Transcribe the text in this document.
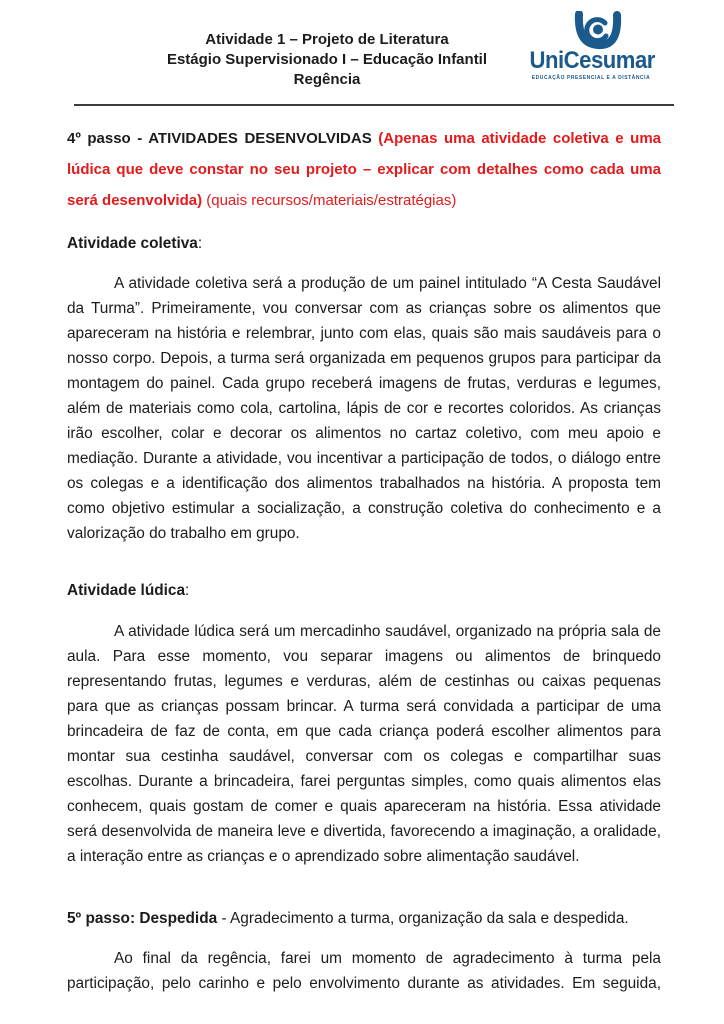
Atividade 1 – Projeto de Literatura
Estágio Supervisionado I – Educação Infantil
Regência
UniCesumar
EDUCAÇÃO PRESENCIAL E A DISTÂNCIA

4º passo - ATIVIDADES DESENVOLVIDAS (Apenas uma atividade coletiva e uma lúdica que deve constar no seu projeto – explicar com detalhes como cada uma será desenvolvida) (quais recursos/materiais/estratégias)

Atividade coletiva:

A atividade coletiva será a produção de um painel intitulado “A Cesta Saudável da Turma”. Primeiramente, vou conversar com as crianças sobre os alimentos que apareceram na história e relembrar, junto com elas, quais são mais saudáveis para o nosso corpo. Depois, a turma será organizada em pequenos grupos para participar da montagem do painel. Cada grupo receberá imagens de frutas, verduras e legumes, além de materiais como cola, cartolina, lápis de cor e recortes coloridos. As crianças irão escolher, colar e decorar os alimentos no cartaz coletivo, com meu apoio e mediação. Durante a atividade, vou incentivar a participação de todos, o diálogo entre os colegas e a identificação dos alimentos trabalhados na história. A proposta tem como objetivo estimular a socialização, a construção coletiva do conhecimento e a valorização do trabalho em grupo.

Atividade lúdica:

A atividade lúdica será um mercadinho saudável, organizado na própria sala de aula. Para esse momento, vou separar imagens ou alimentos de brinquedo representando frutas, legumes e verduras, além de cestinhas ou caixas pequenas para que as crianças possam brincar. A turma será convidada a participar de uma brincadeira de faz de conta, em que cada criança poderá escolher alimentos para montar sua cestinha saudável, conversar com os colegas e compartilhar suas escolhas. Durante a brincadeira, farei perguntas simples, como quais alimentos elas conhecem, quais gostam de comer e quais apareceram na história. Essa atividade será desenvolvida de maneira leve e divertida, favorecendo a imaginação, a oralidade, a interação entre as crianças e o aprendizado sobre alimentação saudável.

5º passo: Despedida - Agradecimento a turma, organização da sala e despedida.

Ao final da regência, farei um momento de agradecimento à turma pela participação, pelo carinho e pelo envolvimento durante as atividades. Em seguida,
